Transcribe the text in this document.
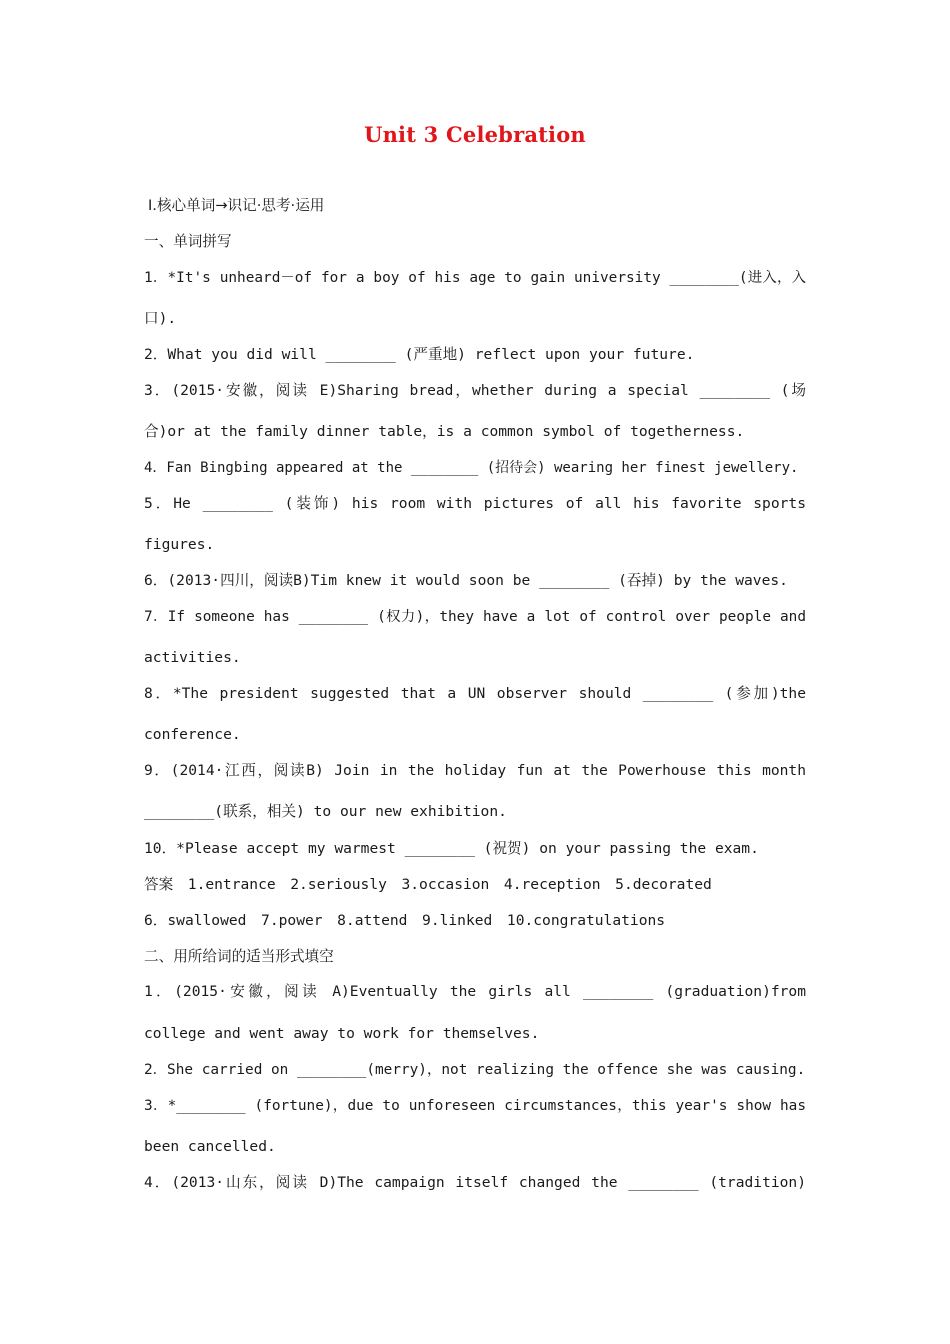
Unit 3 Celebration
Ⅰ.核心单词→识记·思考·运用
一、单词拼写
1．*It's unheard－of for a boy of his age to gain university ________(进入，入
口).
2．What you did will ________ (严重地) reflect upon your future.
3．(2015·安徽，阅读 E)Sharing bread，whether during a special ________ (场
合)or at the family dinner table，is a common symbol of togetherness.
4．Fan Bingbing appeared at the ________ (招待会) wearing her finest jewellery.
5．He ________ (装饰) his room with pictures of all his favorite sports
figures.
6．(2013·四川，阅读B)Tim knew it would soon be ________ (吞掉) by the waves.
7．If someone has ________ (权力)，they have a lot of control over people and
activities.
8．*The president suggested that a UN observer should ________ (参加)the
conference.
9．(2014·江西，阅读B) Join in the holiday fun at the Powerhouse this month
________(联系，相关) to our new exhibition.
10．*Please accept my warmest ________ (祝贺) on your passing the exam.
答案　1.entrance　2.seriously　3.occasion　4.reception　5.decorated
6．swallowed　7.power　8.attend　9.linked　10.congratulations
二、用所给词的适当形式填空
1．(2015·安徽，阅读 A)Eventually the girls all ________ (graduation)from
college and went away to work for themselves.
2．She carried on ________(merry)，not realizing the offence she was causing.
3．*________ (fortune)，due to unforeseen circumstances，this year's show has
been cancelled.
4．(2013·山东，阅读 D)The campaign itself changed the ________ (tradition)
